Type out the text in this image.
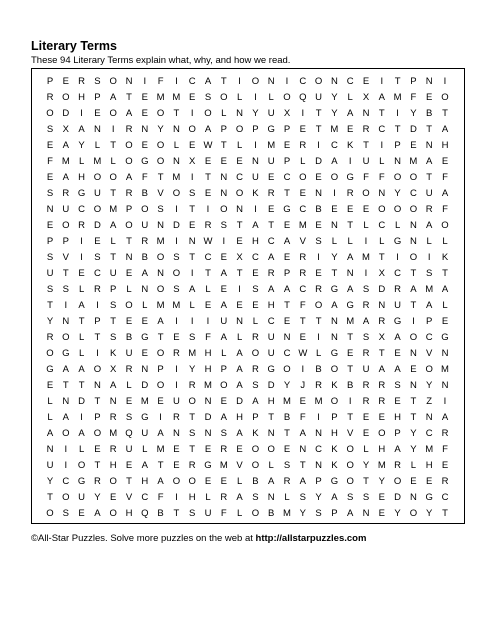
Literary Terms
These 94 Literary Terms explain what, why, and how we read.
P E R S O N	I	F	I	C A	T	I	O N	I	C O N C E	I	T	P N	I
R O H P A	T	E M M E S O L	I	L O Q U Y	L	X A M F	E O
O D	I	E O A E O T	I	O L	N Y U X	I	T	Y A N T	I	Y B	T
S X A N	I	R N Y N O A P O P G P E	T M E R C T D T	A
E A Y	L	T O E O L	E W T	L	I	M E R	I	C K	T	I	P E N H
F M L M L O G O N X E E E N U P	L	D A	I	U	L	N M A E
E A H O O A	F	T M	I	T N C U E C O E O G F	F O O T	F
S R G U T R B V O S E N O K R T	E N	I	R O N Y C U A
N U C O M P O S	I	T	I	O N	I	E G C B E E E O O O R F
E O R D A O U N D E R S	T	A	T	E M E N T	L	C	L	N A O
P P	I	E	L	T R M	I	N W	I	E H C A V S	L	L	I	L G N	L	L
S V	I	S	T N B O S	T C E X C A E R	I	Y A M T	I	O	I	K
U T	E C U E A N O	I	T	A	T	E R P R E	T N	I	X C T	S	T
S S	L	R P	L	N O S A	L	E	I	S A A C R G A S D R A M A
T	I	A	I	S O L M M L	E A E E H T	F O A G R N U T	A	L
Y N T	P	T	E E A	I	I	I	U N	L	C E	T	T N M A R G	I	P E
R O L	T	S B G T	E S	F	A	L	R U N E	I	N T	S X A O C G
O G L	I	K U E O R M H	L	A O U C W L G E R T	E N V N
G A A O X R N P	I	Y H P A R G O	I	B O T U A A E O M
E	T	T N A	L	D O	I	R M O A S D Y	J	R K B R R S N Y N
L	N D T N E M E U O N E D A H M E M O	I	R R E	T	Z	I
L	A	I	P R S G	I	R T D A H P	T	B	F	I	P	T	E E H T N A
A O A O M Q U A N S N S A K N T	A N H V E O P Y C R
N	I	L	E R U	L M E	T	E R E O O E N C K O L	H A Y M F
U	I	O T H E A	T	E R G M V O L	S	T N K O Y M R	L	H E
Y C G R O T H A O O E E	L	B A R A P G O T	Y O E E R
T O U Y E V C F	I	H	L	R A S N	L	S Y A S S E D N G C
O S E A O H Q B	T	S U F	L O B M Y S P A N E Y O Y	T
©All-Star Puzzles. Solve more puzzles on the web at http://allstarpuzzles.com
